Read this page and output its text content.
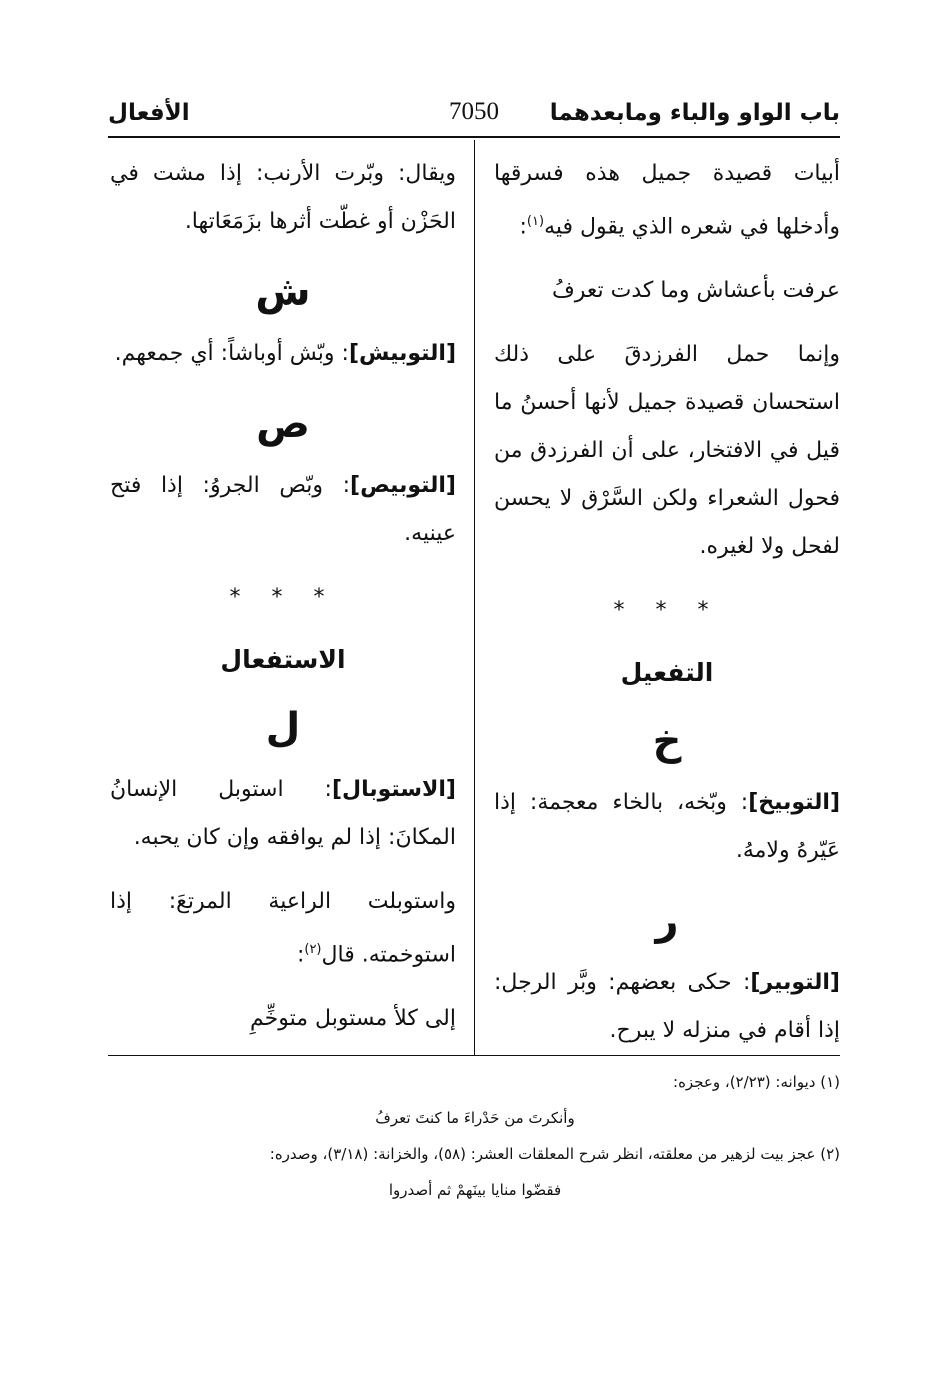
باب الواو والباء ومابعدهما
7050
الأفعال

أبيات قصيدة جميل هذه فسرقها وأدخلها في شعره الذي يقول فيه$^{(١)}$:

عرفت بأعشاش وما كدت تعرفُ

وإنما حمل الفرزدقَ على ذلك استحسان قصيدة جميل لأنها أحسنُ ما قيل في الافتخار، على أن الفرزدق من فحول الشعراء ولكن السَّرْق لا يحسن لفحل ولا لغيره.

* * *
التفعيل
خ

[التوبيخ]: وبّخه، بالخاء معجمة: إذا عَيّرهُ ولامهُ.

ر

[التوبير]: حكى بعضهم: وبَّر الرجل: إذا أقام في منزله لا يبرح.

ويقال: وبّرت الأرنب: إذا مشت في الحَزْن أو غطّت أثرها بزَمَعَاتها.

ش

[التوبيش]: وبّش أوباشاً: أي جمعهم.

ص

[التوبيص]: وبّص الجروُ: إذا فتح عينيه.

* * *
الاستفعال
ل

[الاستوبال]: استوبل الإنسانُ المكانَ: إذا لم يوافقه وإن كان يحبه.

واستوبلت الراعية المرتعَ: إذا استوخمته. قال$^{(٢)}$:

إلى كلأ مستوبل متوخِّمِ

(١) ديوانه: (٢/٢٣)، وعجزه:

وأنكرتَ من حَدْراءَ ما كنتَ تعرفُ

(٢) عجز بيت لزهير من معلقته، انظر شرح المعلقات العشر: (٥٨)، والخزانة: (٣/١٨)، وصدره:

فقضّوا منايا بينَهمْ ثم أصدروا
